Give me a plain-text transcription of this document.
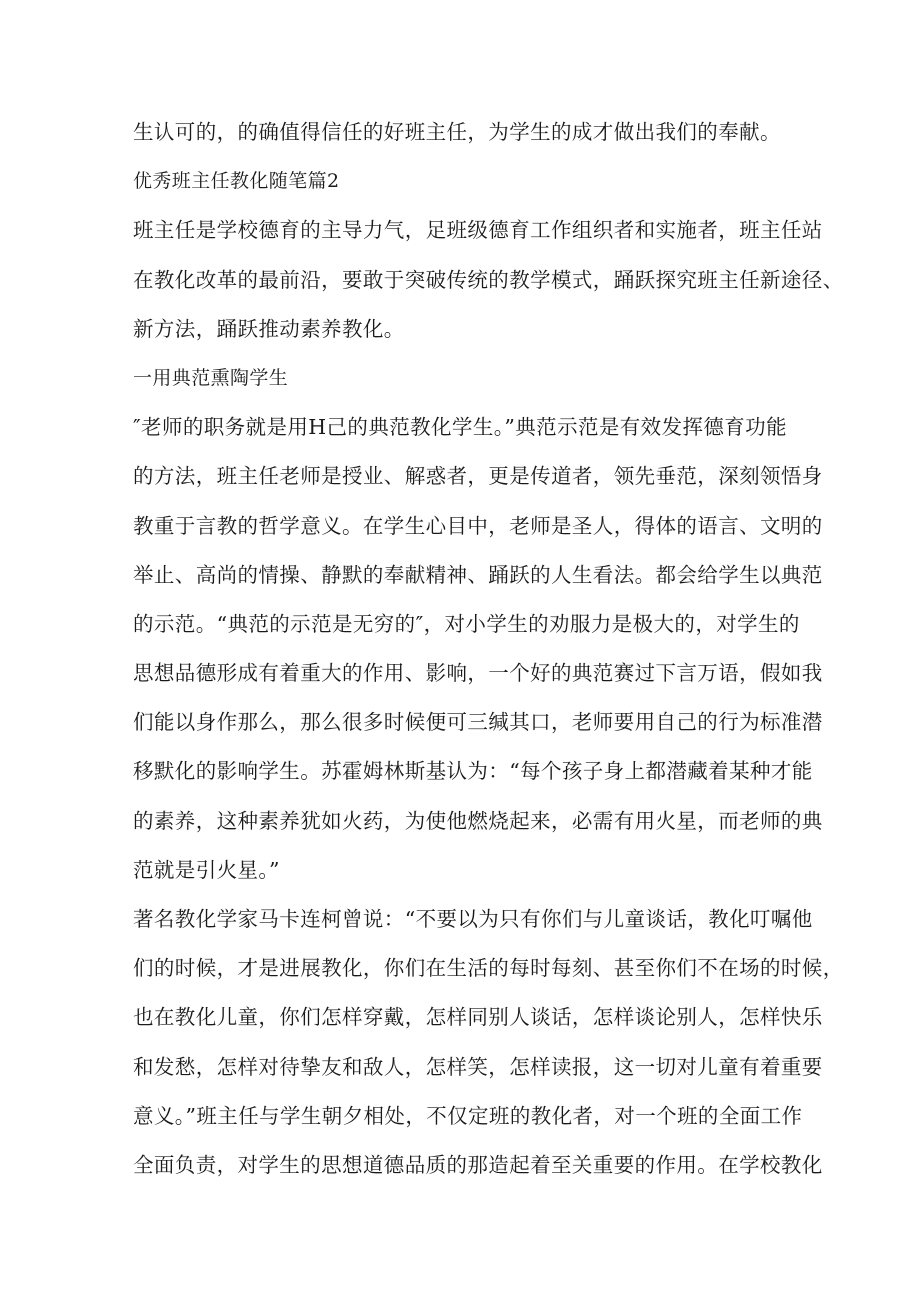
生认可的，的确值得信任的好班主任，为学生的成才做出我们的奉献。
优秀班主任教化随笔篇2
班主任是学校德育的主导力气，足班级德育工作组织者和实施者，班主任站
在教化改革的最前沿，要敢于突破传统的教学模式，踊跃探究班主任新途径、
新方法，踊跃推动素养教化。
一用典范熏陶学生
″老师的职务就是用H己的典范教化学生。”典范示范是有效发挥德育功能
的方法，班主任老师是授业、解惑者，更是传道者，领先垂范，深刻领悟身
教重于言教的哲学意义。在学生心目中，老师是圣人，得体的语言、文明的
举止、高尚的情操、静默的奉献精神、踊跃的人生看法。都会给学生以典范
的示范。“典范的示范是无穷的″，对小学生的劝服力是极大的，对学生的
思想品德形成有着重大的作用、影响，一个好的典范赛过下言万语，假如我
们能以身作那么，那么很多时候便可三缄其口，老师要用自己的行为标准潜
移默化的影响学生。苏霍姆林斯基认为：“每个孩子身上都潜藏着某种才能
的素养，这种素养犹如火药，为使他燃烧起来，必需有用火星，而老师的典
范就是引火星。”
著名教化学家马卡连柯曾说：“不要以为只有你们与儿童谈话，教化叮嘱他
们的时候，才是进展教化，你们在生活的每时每刻、甚至你们不在场的时候，
也在教化儿童，你们怎样穿戴，怎样同别人谈话，怎样谈论别人，怎样快乐
和发愁，怎样对待挚友和敌人，怎样笑，怎样读报，这一切对儿童有着重要
意义。”班主任与学生朝夕相处，不仅定班的教化者，对一个班的全面工作
全面负责，对学生的思想道德品质的那造起着至关重要的作用。在学校教化
